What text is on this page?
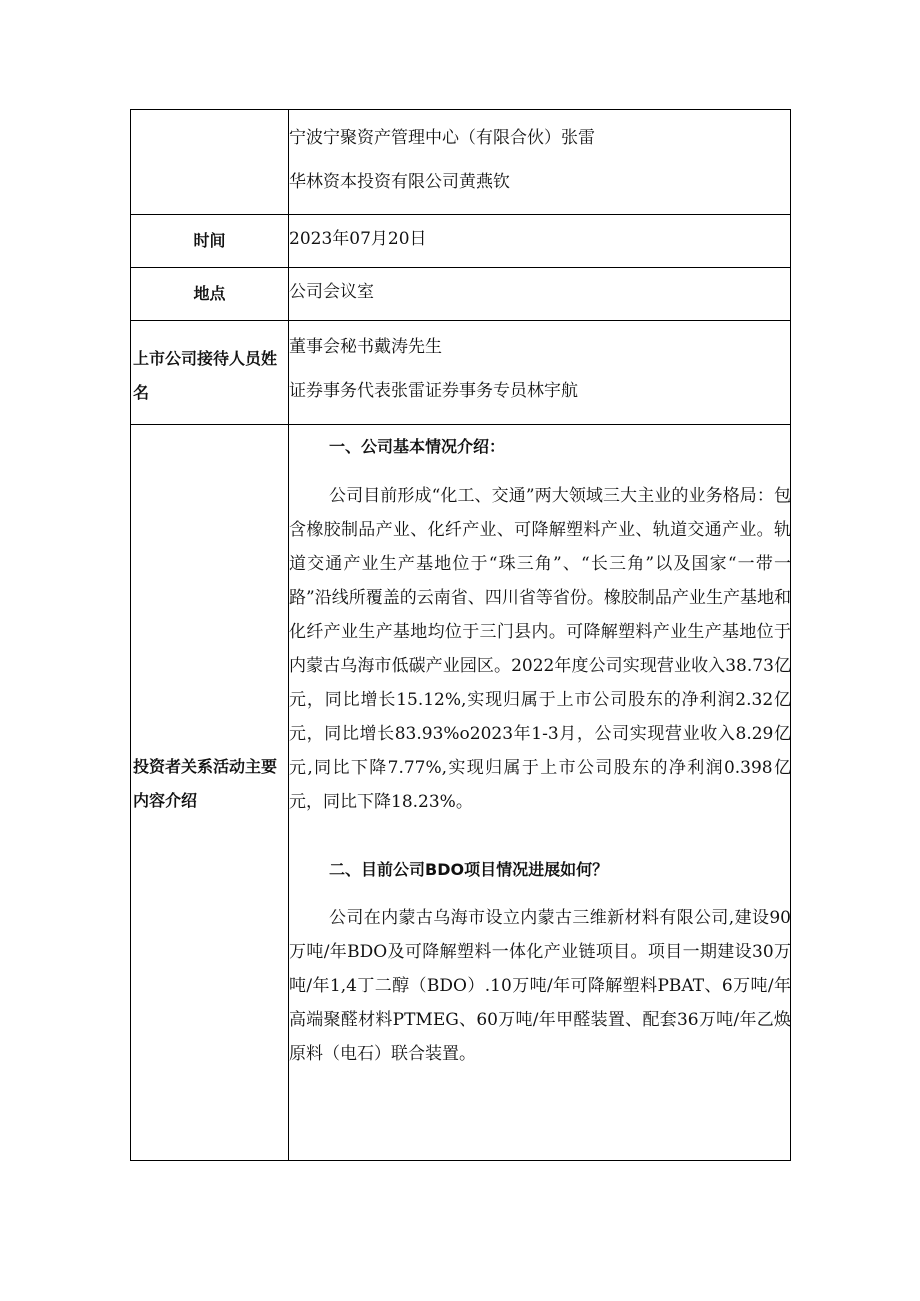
宁波宁聚资产管理中心（有限合伙）张雷
华林资本投资有限公司黄燕钦
时间	2023年07月20日
地点	公司会议室
上市公司接待人员姓名
董事会秘书戴涛先生
证券事务代表张雷证券事务专员林宇航
投资者关系活动主要内容介绍
一、公司基本情况介绍：

公司目前形成“化工、交通”两大领域三大主业的业务格局：包含橡胶制品产业、化纤产业、可降解塑料产业、轨道交通产业。轨道交通产业生产基地位于“珠三角”、“长三角”以及国家“一带一路”沿线所覆盖的云南省、四川省等省份。橡胶制品产业生产基地和化纤产业生产基地均位于三门县内。可降解塑料产业生产基地位于内蒙古乌海市低碳产业园区。2022年度公司实现营业收入38.73亿元，同比增长15.12%,实现归属于上市公司股东的净利润2.32亿元，同比增长83.93%o2023年1-3月，公司实现营业收入8.29亿元,同比下降7.77%,实现归属于上市公司股东的净利润0.398亿元，同比下降18.23%。

二、目前公司BDO项目情况进展如何？

公司在内蒙古乌海市设立内蒙古三维新材料有限公司,建设90万吨/年BDO及可降解塑料一体化产业链项目。项目一期建设30万吨/年1,4丁二醇（BDO）.10万吨/年可降解塑料PBAT、6万吨/年高端聚醛材料PTMEG、60万吨/年甲醛装置、配套36万吨/年乙焕原料（电石）联合装置。
